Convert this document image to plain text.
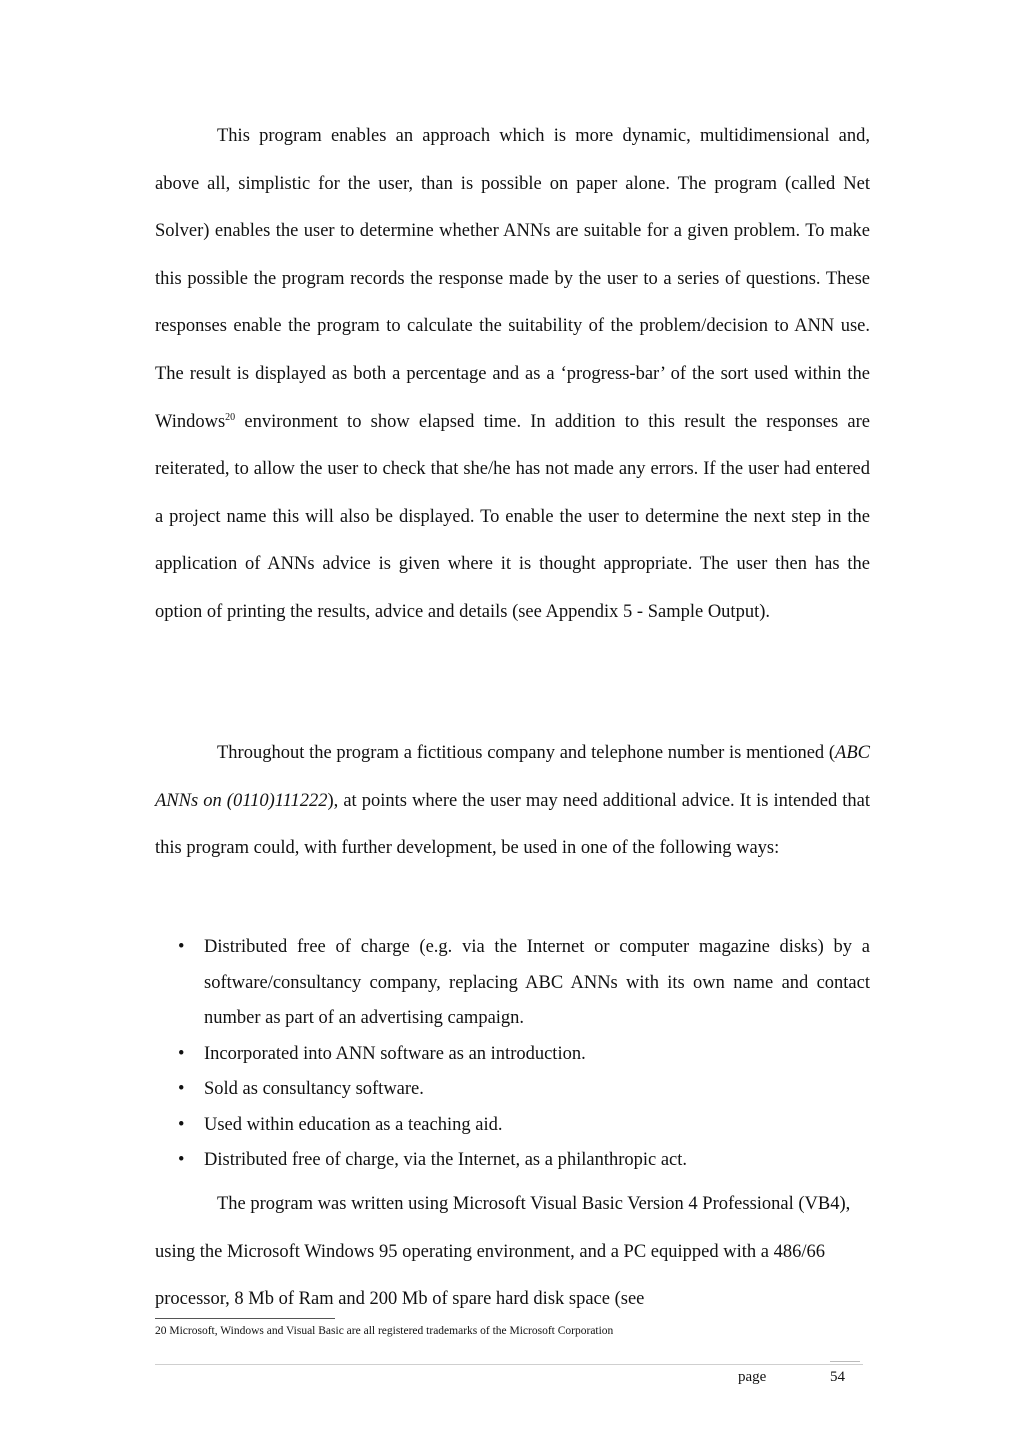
This program enables an approach which is more dynamic, multidimensional and, above all, simplistic for the user, than is possible on paper alone. The program (called Net Solver) enables the user to determine whether ANNs are suitable for a given problem. To make this possible the program records the response made by the user to a series of questions. These responses enable the program to calculate the suitability of the problem/decision to ANN use. The result is displayed as both a percentage and as a ‘progress-bar’ of the sort used within the Windows$^{20}$ environment to show elapsed time. In addition to this result the responses are reiterated, to allow the user to check that she/he has not made any errors. If the user had entered a project name this will also be displayed. To enable the user to determine the next step in the application of ANNs advice is given where it is thought appropriate. The user then has the option of printing the results, advice and details (see Appendix 5 - Sample Output).

Throughout the program a fictitious company and telephone number is mentioned (ABC ANNs on (0110)111222), at points where the user may need additional advice. It is intended that this program could, with further development, be used in one of the following ways:

• Distributed free of charge (e.g. via the Internet or computer magazine disks) by a software/consultancy company, replacing ABC ANNs with its own name and contact number as part of an advertising campaign.
• Incorporated into ANN software as an introduction.
• Sold as consultancy software.
• Used within education as a teaching aid.
• Distributed free of charge, via the Internet, as a philanthropic act.

The program was written using Microsoft Visual Basic Version 4 Professional (VB4), using the Microsoft Windows 95 operating environment, and a PC equipped with a 486/66 processor, 8 Mb of Ram and 200 Mb of spare hard disk space (see

20 Microsoft, Windows and Visual Basic are all registered trademarks of the Microsoft Corporation
page	54
